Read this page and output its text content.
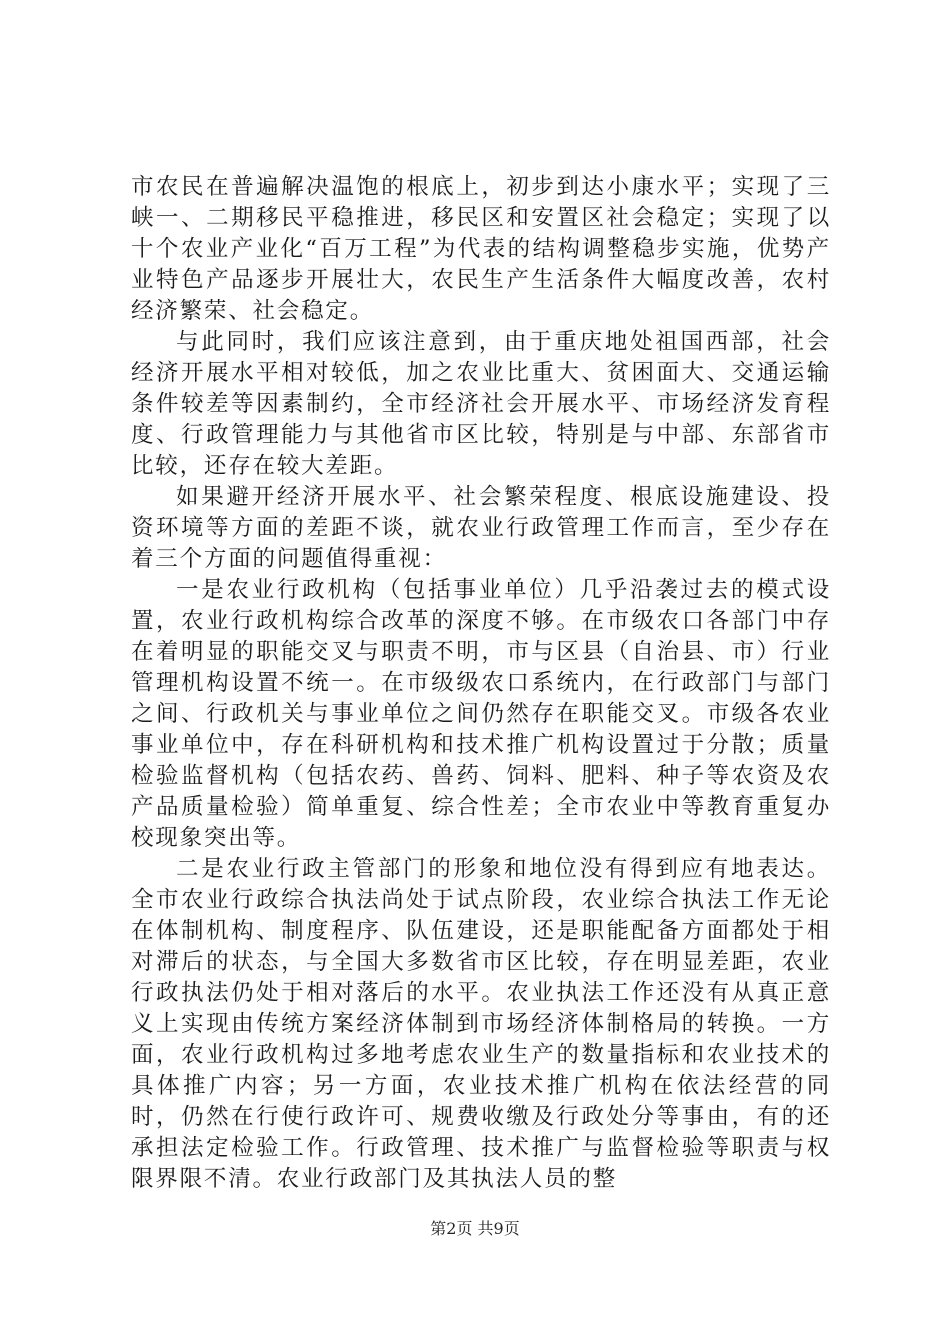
市农民在普遍解决温饱的根底上，初步到达小康水平；实现了三峡一、二期移民平稳推进，移民区和安置区社会稳定；实现了以十个农业产业化“百万工程”为代表的结构调整稳步实施，优势产业特色产品逐步开展壮大，农民生产生活条件大幅度改善，农村经济繁荣、社会稳定。

与此同时，我们应该注意到，由于重庆地处祖国西部，社会经济开展水平相对较低，加之农业比重大、贫困面大、交通运输条件较差等因素制约，全市经济社会开展水平、市场经济发育程度、行政管理能力与其他省市区比较，特别是与中部、东部省市比较，还存在较大差距。

如果避开经济开展水平、社会繁荣程度、根底设施建设、投资环境等方面的差距不谈，就农业行政管理工作而言，至少存在着三个方面的问题值得重视：

一是农业行政机构（包括事业单位）几乎沿袭过去的模式设置，农业行政机构综合改革的深度不够。在市级农口各部门中存在着明显的职能交叉与职责不明，市与区县（自治县、市）行业管理机构设置不统一。在市级级农口系统内，在行政部门与部门之间、行政机关与事业单位之间仍然存在职能交叉。市级各农业事业单位中，存在科研机构和技术推广机构设置过于分散；质量检验监督机构（包括农药、兽药、饲料、肥料、种子等农资及农产品质量检验）简单重复、综合性差；全市农业中等教育重复办校现象突出等。

二是农业行政主管部门的形象和地位没有得到应有地表达。全市农业行政综合执法尚处于试点阶段，农业综合执法工作无论在体制机构、制度程序、队伍建设，还是职能配备方面都处于相对滞后的状态，与全国大多数省市区比较，存在明显差距，农业行政执法仍处于相对落后的水平。农业执法工作还没有从真正意义上实现由传统方案经济体制到市场经济体制格局的转换。一方面，农业行政机构过多地考虑农业生产的数量指标和农业技术的具体推广内容；另一方面，农业技术推广机构在依法经营的同时，仍然在行使行政许可、规费收缴及行政处分等事由，有的还承担法定检验工作。行政管理、技术推广与监督检验等职责与权限界限不清。农业行政部门及其执法人员的整

第2页 共9页
